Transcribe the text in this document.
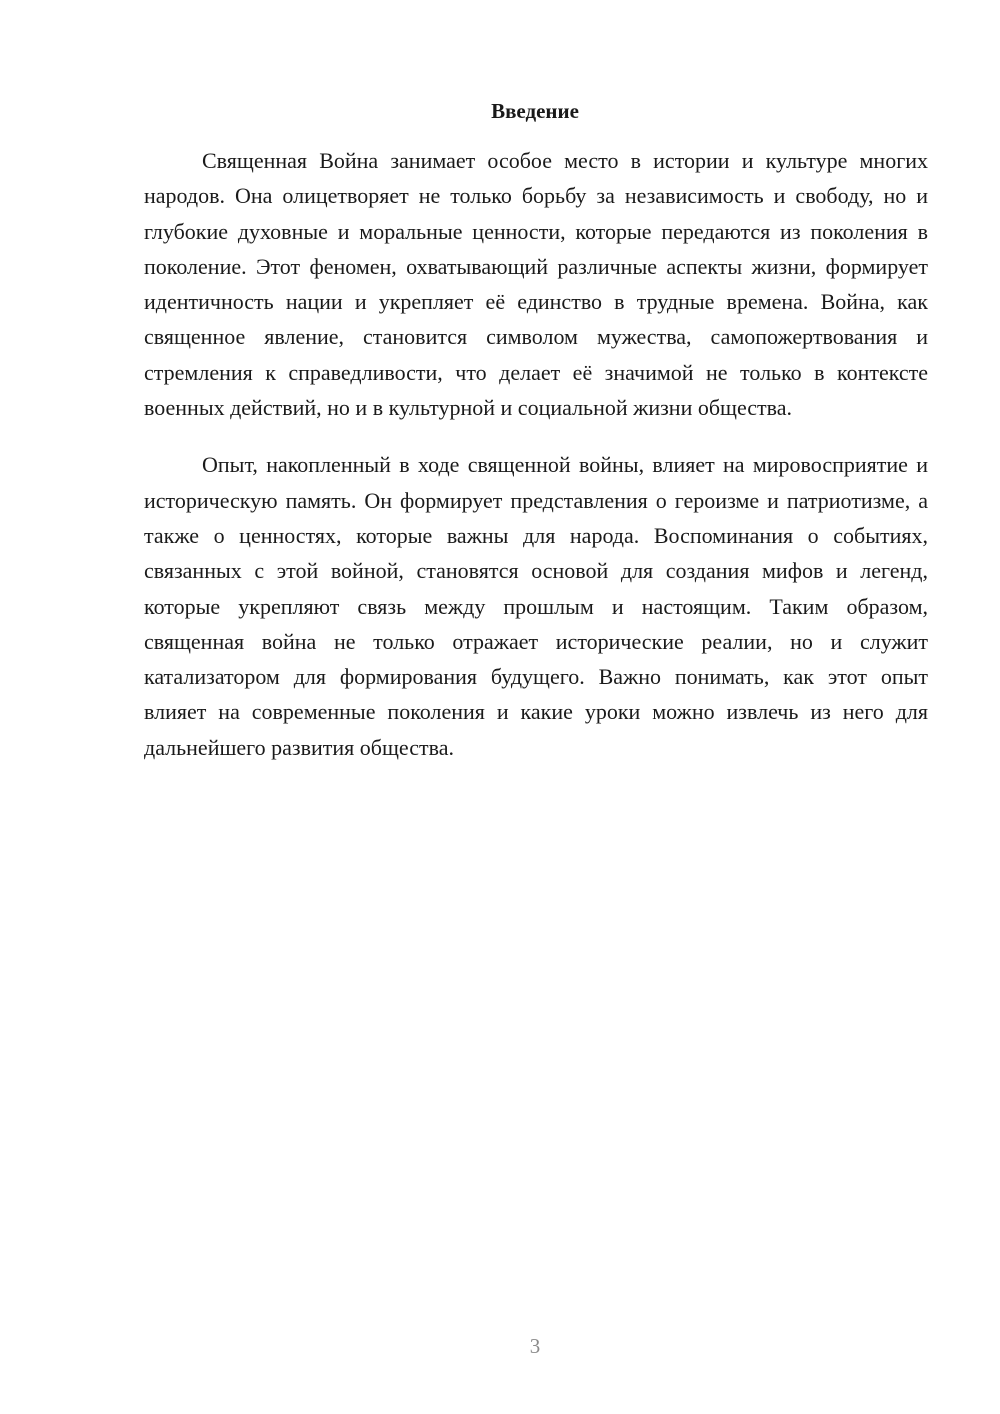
Введение

Священная Война занимает особое место в истории и культуре многих народов. Она олицетворяет не только борьбу за независимость и свободу, но и глубокие духовные и моральные ценности, которые передаются из поколения в поколение. Этот феномен, охватывающий различные аспекты жизни, формирует идентичность нации и укрепляет её единство в трудные времена. Война, как священное явление, становится символом мужества, самопожертвования и стремления к справедливости, что делает её значимой не только в контексте военных действий, но и в культурной и социальной жизни общества.

Опыт, накопленный в ходе священной войны, влияет на мировосприятие и историческую память. Он формирует представления о героизме и патриотизме, а также о ценностях, которые важны для народа. Воспоминания о событиях, связанных с этой войной, становятся основой для создания мифов и легенд, которые укрепляют связь между прошлым и настоящим. Таким образом, священная война не только отражает исторические реалии, но и служит катализатором для формирования будущего. Важно понимать, как этот опыт влияет на современные поколения и какие уроки можно извлечь из него для дальнейшего развития общества.

3
